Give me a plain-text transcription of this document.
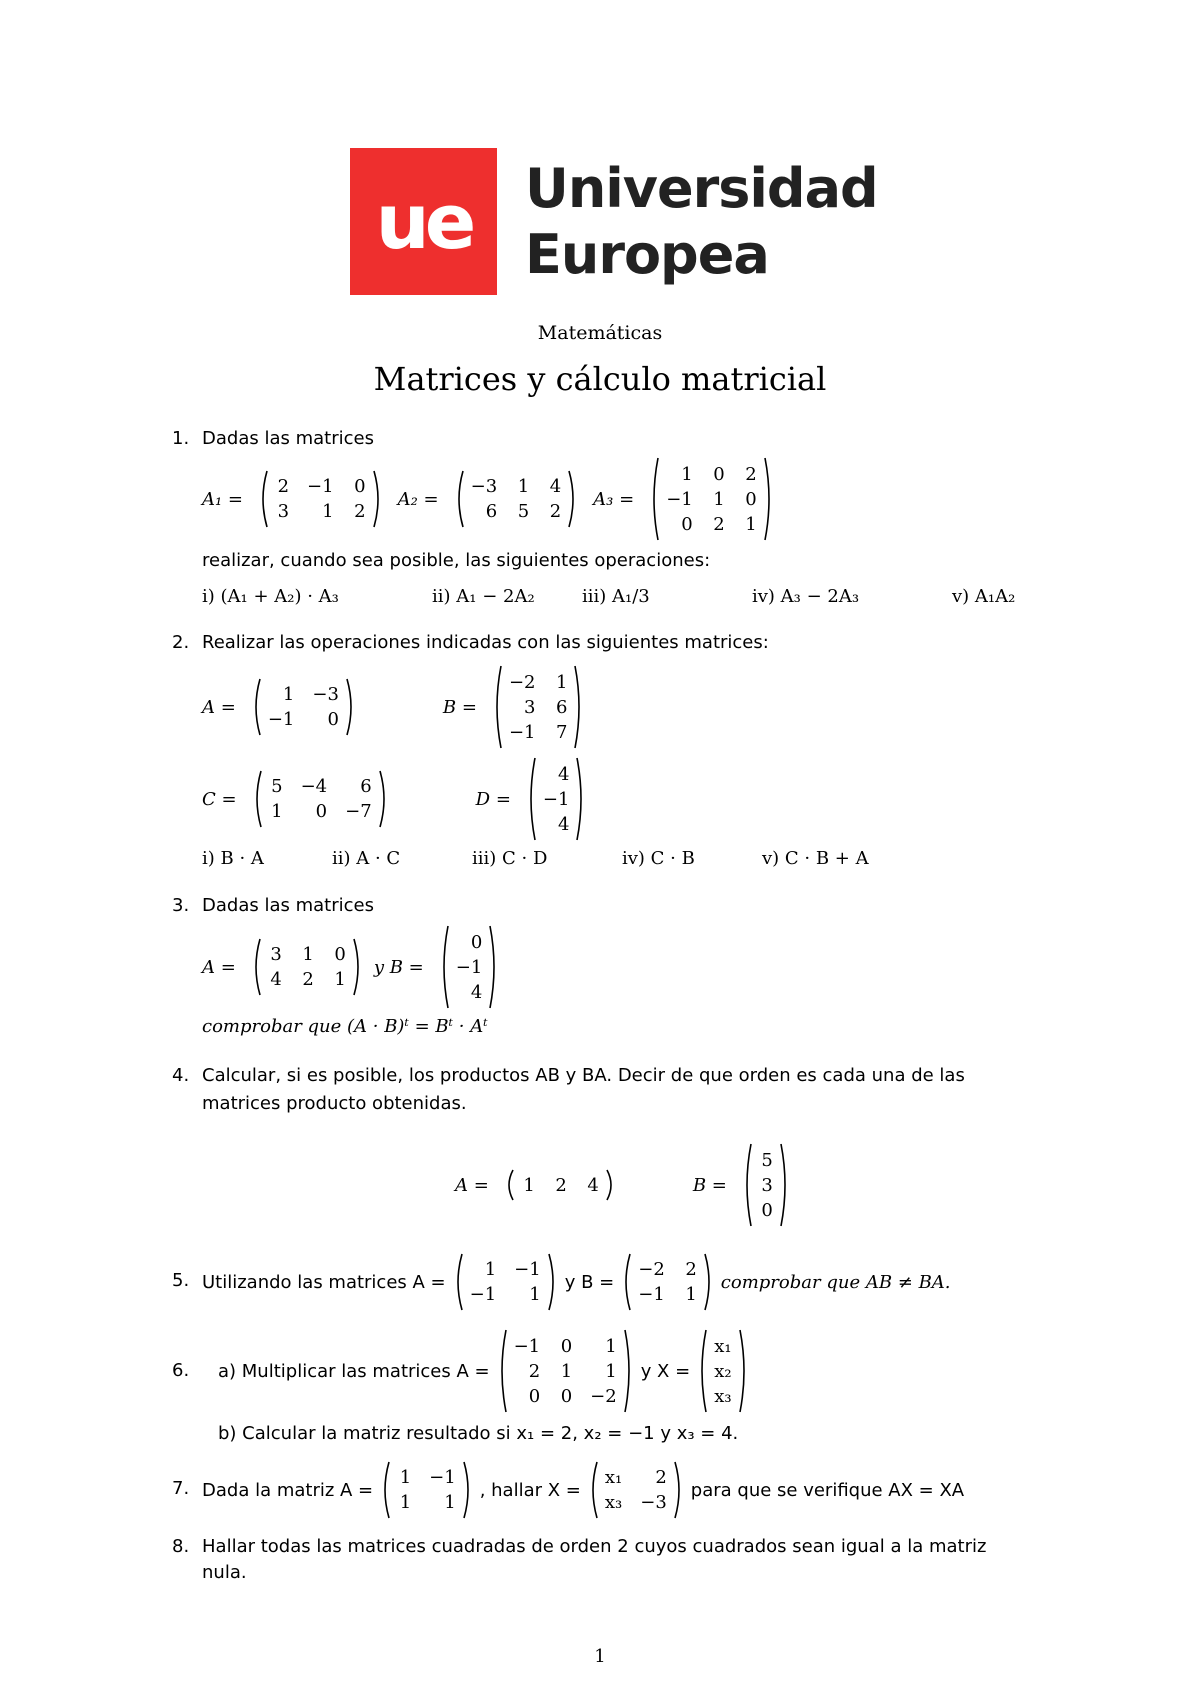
ue Universidad
Europea
Matemáticas
Matrices y cálculo matricial
1. Dadas las matrices
A₁ =
2 −1 0
3	1 2
A₂ =
−3 1 4
6 5 2
A₃ =
1 0 2
−1 1 0
0 2 1
realizar, cuando sea posible, las siguientes operaciones:
i) (A₁ + A₂) · A₃	ii) A₁ − 2A₂	iii) A₁/3	iv) A₃ − 2A₃	v) A₁A₂
2. Realizar las operaciones indicadas con las siguientes matrices:
A =
1 −3
−1	0
B =
−2 1
3 6
−1 7
C =
5 −4	6
1	0 −7
D =
4
−1
4
i) B · A	ii) A · C	iii) C · D	iv) C · B	v) C · B + A
3. Dadas las matrices
A =
3 1 0
4 2 1
y B =
0
−1
4
comprobar que (A · B)ᵗ = Bᵗ · Aᵗ
4. Calcular, si es posible, los productos AB y BA. Decir de que orden es cada una de las
matrices producto obtenidas.
A = 1 2 4	B =
5
3
0
5. Utilizando las matrices A =
1 −1
−1	1
y B =
−2 2
−1 1
comprobar que AB ≠ BA.
6. a) Multiplicar las matrices A =
−1 0	1
2 1	1
0 0 −2
y X =
x₁
x₂
x₃
b) Calcular la matriz resultado si x₁ = 2, x₂ = −1 y x₃ = 4.
7. Dada la matriz A =
1 −1
1	1
, hallar X =
x₁	2
x₃ −3
para que se verifique AX = XA
8. Hallar todas las matrices cuadradas de orden 2 cuyos cuadrados sean igual a la matriz
nula.
1
